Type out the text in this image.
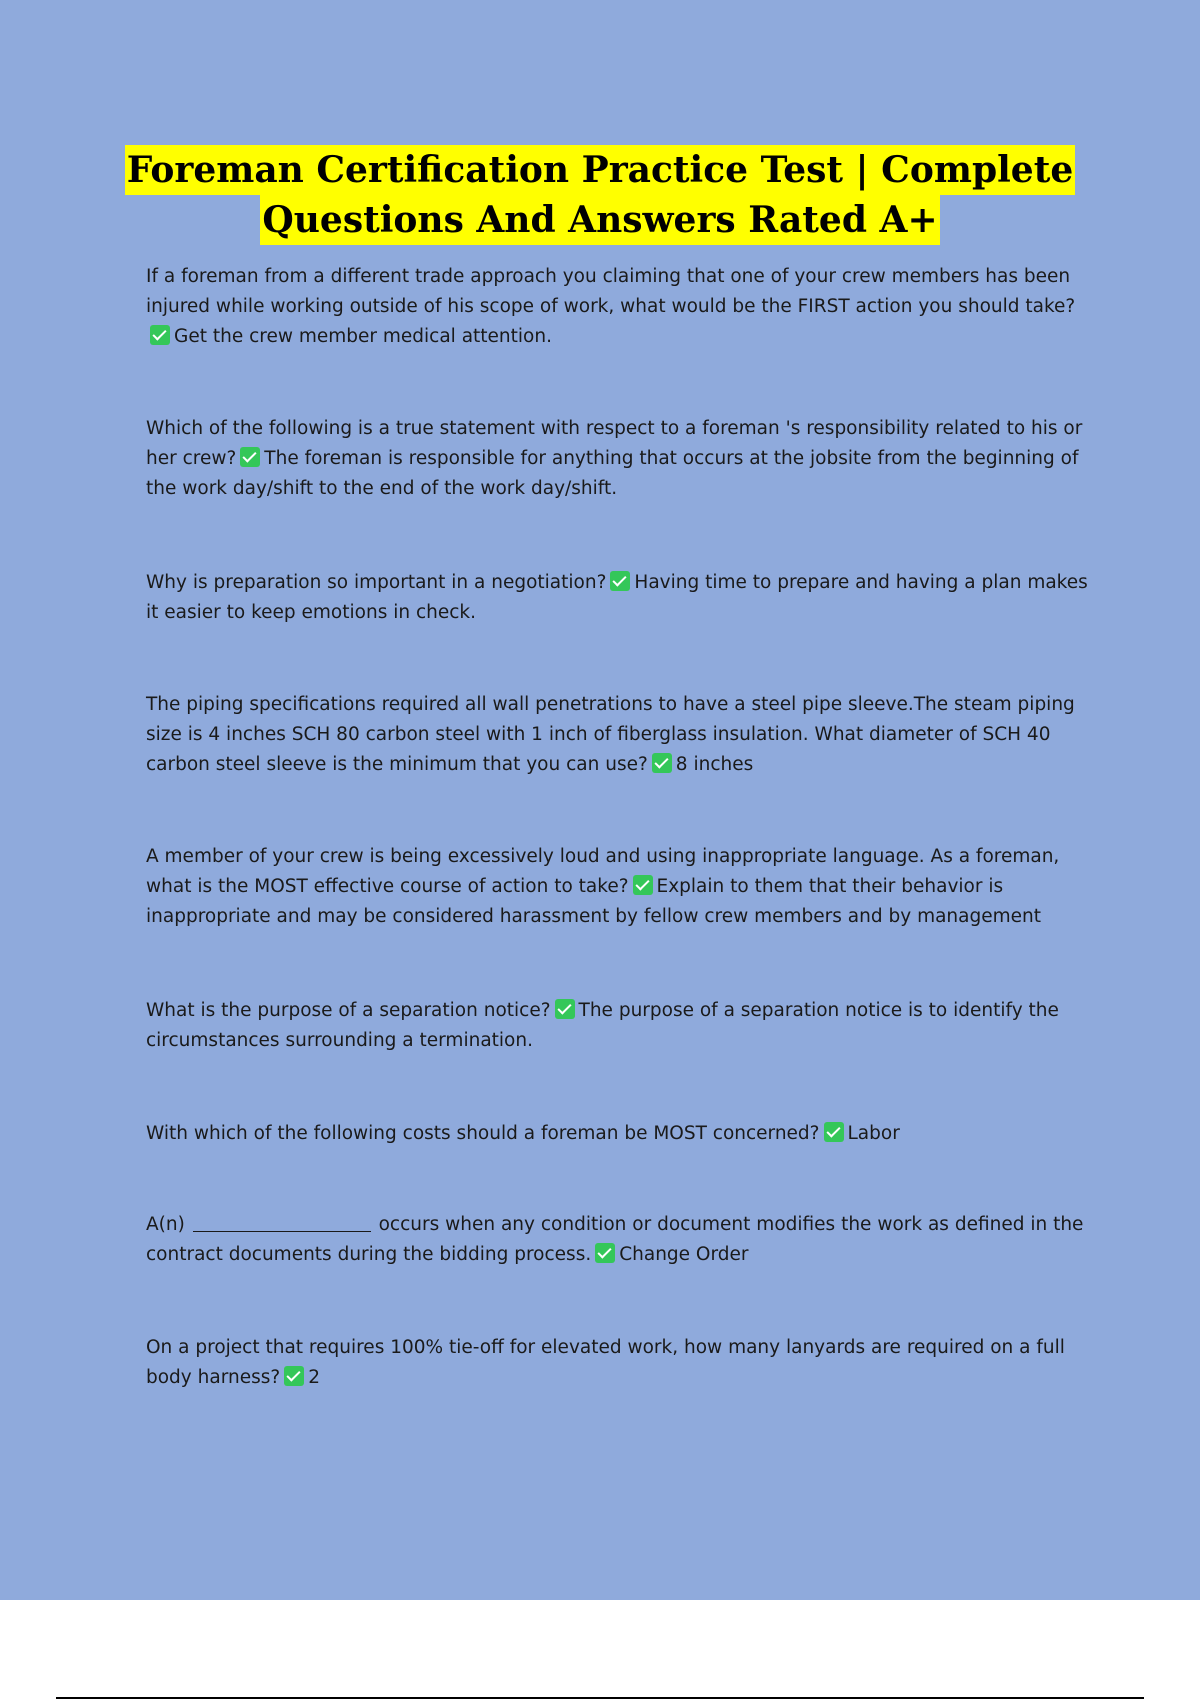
Foreman Certification Practice Test | Complete
Questions And Answers Rated A+
If a foreman from a different trade approach you claiming that one of your crew members has been injured while working outside of his scope of work, what would be the FIRST action you should take?
Get the crew member medical attention.
Which of the following is a true statement with respect to a foreman 's responsibility related to his or her crew? The foreman is responsible for anything that occurs at the jobsite from the beginning of the work day/shift to the end of the work day/shift.
Why is preparation so important in a negotiation? Having time to prepare and having a plan makes it easier to keep emotions in check.
The piping specifications required all wall penetrations to have a steel pipe sleeve.The steam piping size is 4 inches SCH 80 carbon steel with 1 inch of fiberglass insulation. What diameter of SCH 40 carbon steel sleeve is the minimum that you can use? 8 inches
A member of your crew is being excessively loud and using inappropriate language. As a foreman, what is the MOST effective course of action to take? Explain to them that their behavior is inappropriate and may be considered harassment by fellow crew members and by management
What is the purpose of a separation notice? The purpose of a separation notice is to identify the circumstances surrounding a termination.
With which of the following costs should a foreman be MOST concerned? Labor
A(n)	occurs when any condition or document modifies the work as defined in the contract documents during the bidding process. Change Order
On a project that requires 100% tie-off for elevated work, how many lanyards are required on a full body harness? 2
